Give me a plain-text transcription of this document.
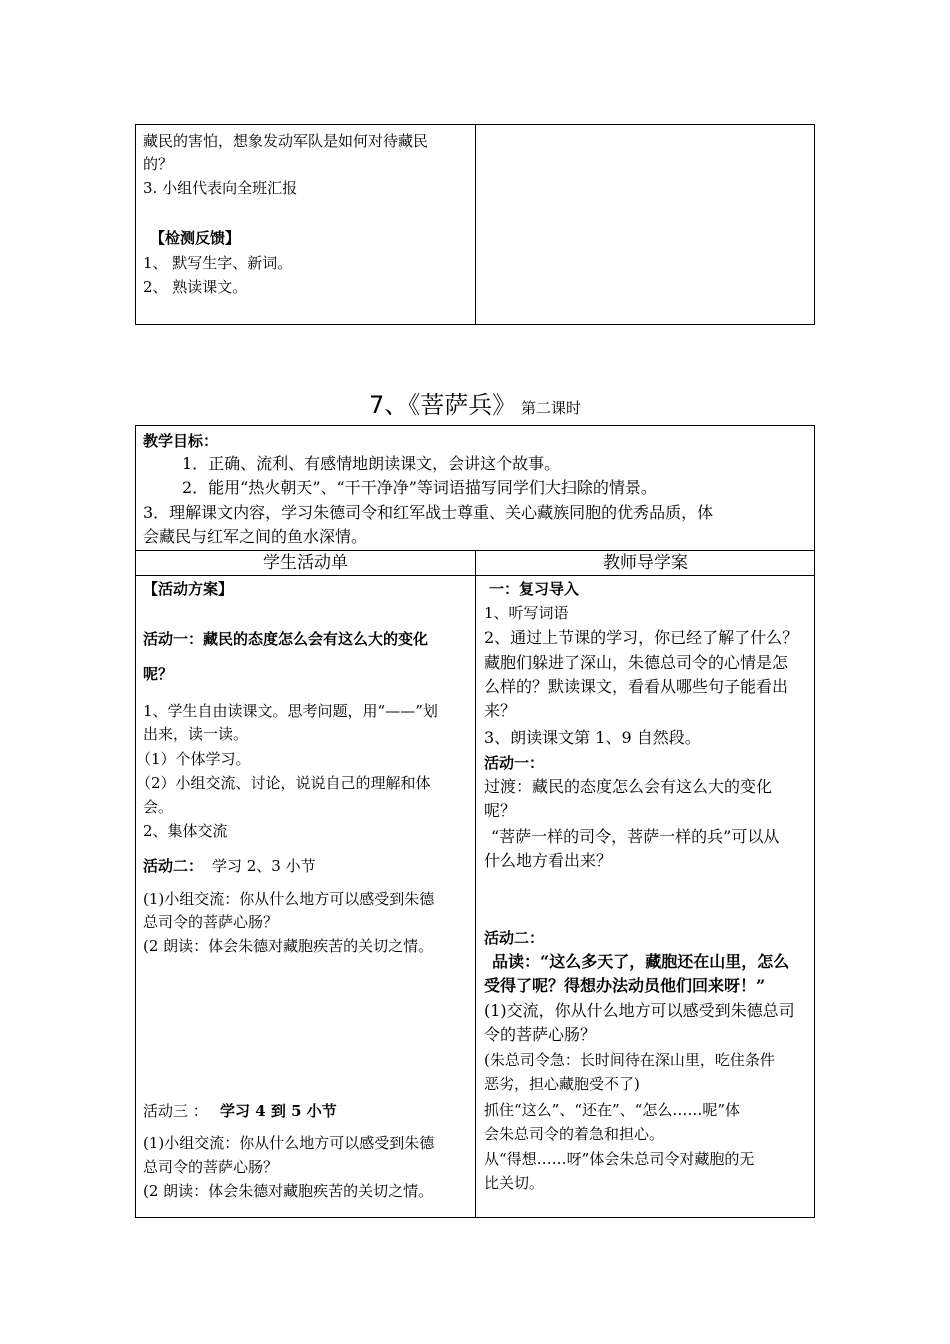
藏民的害怕，想象发动军队是如何对待藏民
的？
3. 小组代表向全班汇报
【检测反馈】
1、 默写生字、新词。
2、 熟读课文。
7、《菩萨兵》 第二课时
教学目标：
1．正确、流利、有感情地朗读课文，会讲这个故事。
2．能用“热火朝天”、“干干净净”等词语描写同学们大扫除的情景。
3．理解课文内容，学习朱德司令和红军战士尊重、关心藏族同胞的优秀品质，体
会藏民与红军之间的鱼水深情。
学生活动单	教师导学案
【活动方案】
活动一：藏民的态度怎么会有这么大的变化
呢？
1、学生自由读课文。思考问题，用“——”划
出来，读一读。
（1）个体学习。
（2）小组交流、讨论，说说自己的理解和体
会。
2、集体交流
活动二： 学习 2、3 小节
(1)小组交流：你从什么地方可以感受到朱德
总司令的菩萨心肠？
(2 朗读：体会朱德对藏胞疾苦的关切之情。
活动三 ： 学习 4 到 5 小节
(1)小组交流：你从什么地方可以感受到朱德
总司令的菩萨心肠？
(2 朗读：体会朱德对藏胞疾苦的关切之情。
一：复习导入
1、听写词语
2、通过上节课的学习，你已经了解了什么？
藏胞们躲进了深山，朱德总司令的心情是怎
么样的？默读课文，看看从哪些句子能看出
来？
3、朗读课文第 1、9 自然段。
活动一：
过渡：藏民的态度怎么会有这么大的变化
呢？
“菩萨一样的司令，菩萨一样的兵”可以从
什么地方看出来？
活动二：
品读：“这么多天了，藏胞还在山里，怎么
受得了呢？得想办法动员他们回来呀！”
(1)交流，你从什么地方可以感受到朱德总司
令的菩萨心肠？
(朱总司令急：长时间待在深山里，吃住条件
恶劣，担心藏胞受不了)
抓住“这么”、“还在”、“怎么……呢”体
会朱总司令的着急和担心。
从“得想……呀”体会朱总司令对藏胞的无
比关切。
